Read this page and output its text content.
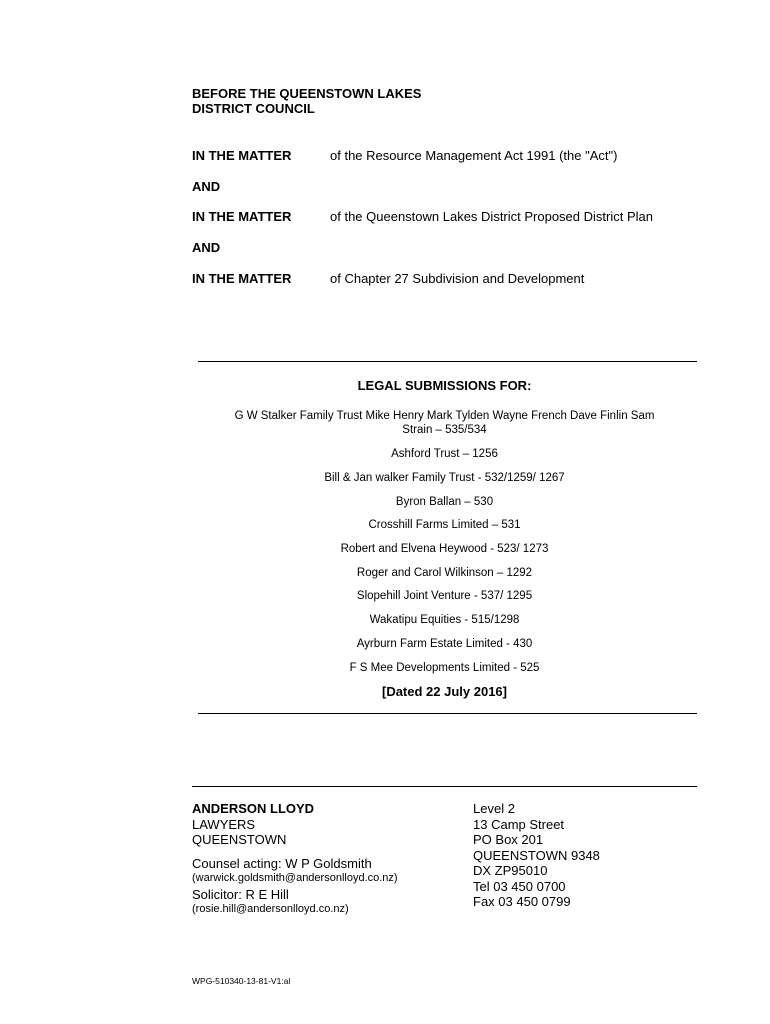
BEFORE THE QUEENSTOWN LAKES
DISTRICT COUNCIL
IN THE MATTER	of the Resource Management Act 1991 (the "Act")
AND
IN THE MATTER	of the Queenstown Lakes District Proposed District Plan
AND
IN THE MATTER	of Chapter 27 Subdivision and Development
LEGAL SUBMISSIONS FOR:
G W Stalker Family Trust Mike Henry Mark Tylden Wayne French Dave Finlin Sam
Strain – 535/534
Ashford Trust – 1256
Bill & Jan walker Family Trust - 532/1259/ 1267
Byron Ballan – 530
Crosshill Farms Limited – 531
Robert and Elvena Heywood - 523/ 1273
Roger and Carol Wilkinson – 1292
Slopehill Joint Venture - 537/ 1295
Wakatipu Equities - 515/1298
Ayrburn Farm Estate Limited - 430
F S Mee Developments Limited - 525
[Dated 22 July 2016]
ANDERSON LLOYD
LAWYERS
QUEENSTOWN
Counsel acting: W P Goldsmith
(warwick.goldsmith@andersonlloyd.co.nz)
Solicitor: R E Hill
(rosie.hill@andersonlloyd.co.nz)
Level 2
13 Camp Street
PO Box 201
QUEENSTOWN 9348
DX ZP95010
Tel 03 450 0700
Fax 03 450 0799
WPG-510340-13-81-V1:al
